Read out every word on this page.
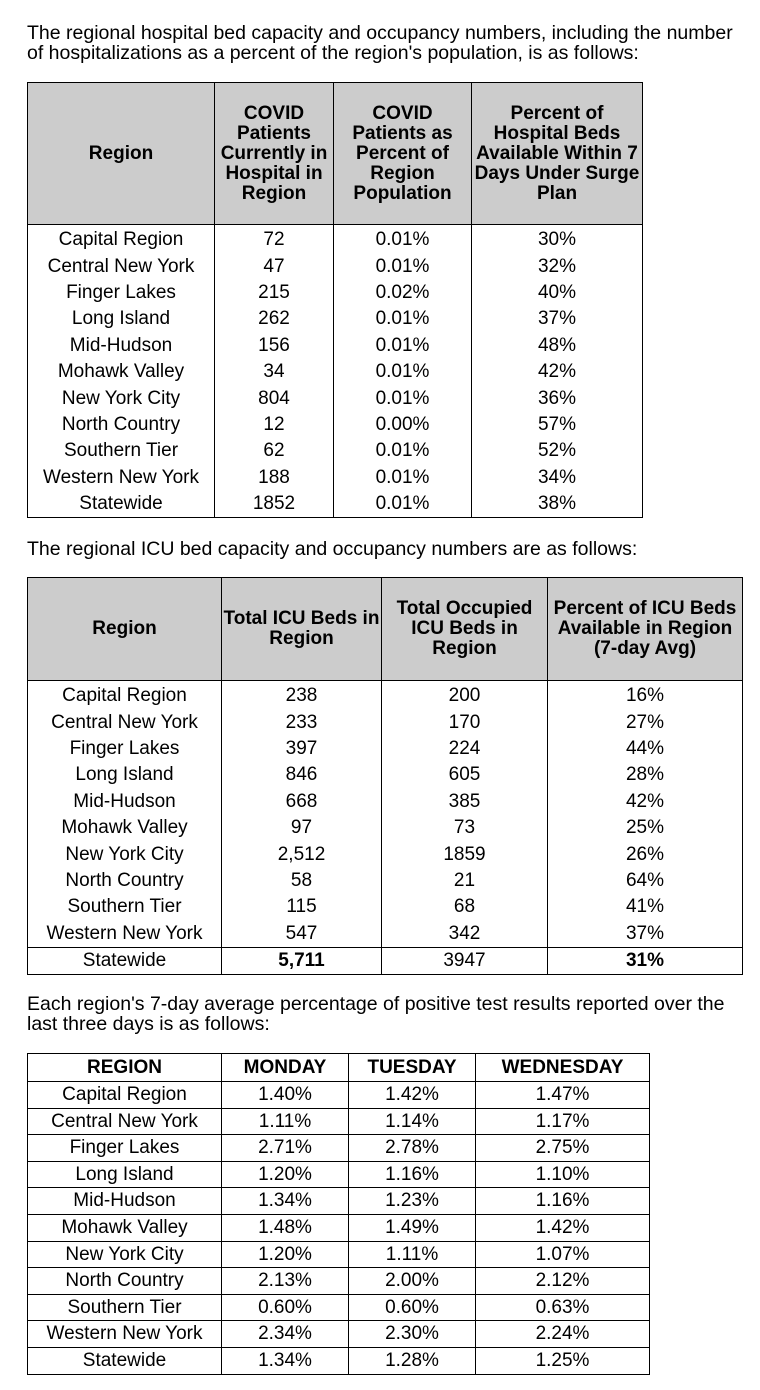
The regional hospital bed capacity and occupancy numbers, including the number of hospitalizations as a percent of the region's population, is as follows:

Region	COVID Patients Currently in Hospital in Region	COVID Patients as Percent of Region Population	Percent of Hospital Beds Available Within 7 Days Under Surge Plan
Capital Region	72	0.01%	30%
Central New York	47	0.01%	32%
Finger Lakes	215	0.02%	40%
Long Island	262	0.01%	37%
Mid-Hudson	156	0.01%	48%
Mohawk Valley	34	0.01%	42%
New York City	804	0.01%	36%
North Country	12	0.00%	57%
Southern Tier	62	0.01%	52%
Western New York	188	0.01%	34%
Statewide	1852	0.01%	38%

The regional ICU bed capacity and occupancy numbers are as follows:

Region	Total ICU Beds in Region	Total Occupied ICU Beds in Region	Percent of ICU Beds Available in Region (7-day Avg)
Capital Region	238	200	16%
Central New York	233	170	27%
Finger Lakes	397	224	44%
Long Island	846	605	28%
Mid-Hudson	668	385	42%
Mohawk Valley	97	73	25%
New York City	2,512	1859	26%
North Country	58	21	64%
Southern Tier	115	68	41%
Western New York	547	342	37%
Statewide	5,711	3947	31%

Each region's 7-day average percentage of positive test results reported over the last three days is as follows:

REGION	MONDAY	TUESDAY	WEDNESDAY
Capital Region	1.40%	1.42%	1.47%
Central New York	1.11%	1.14%	1.17%
Finger Lakes	2.71%	2.78%	2.75%
Long Island	1.20%	1.16%	1.10%
Mid-Hudson	1.34%	1.23%	1.16%
Mohawk Valley	1.48%	1.49%	1.42%
New York City	1.20%	1.11%	1.07%
North Country	2.13%	2.00%	2.12%
Southern Tier	0.60%	0.60%	0.63%
Western New York	2.34%	2.30%	2.24%
Statewide	1.34%	1.28%	1.25%
